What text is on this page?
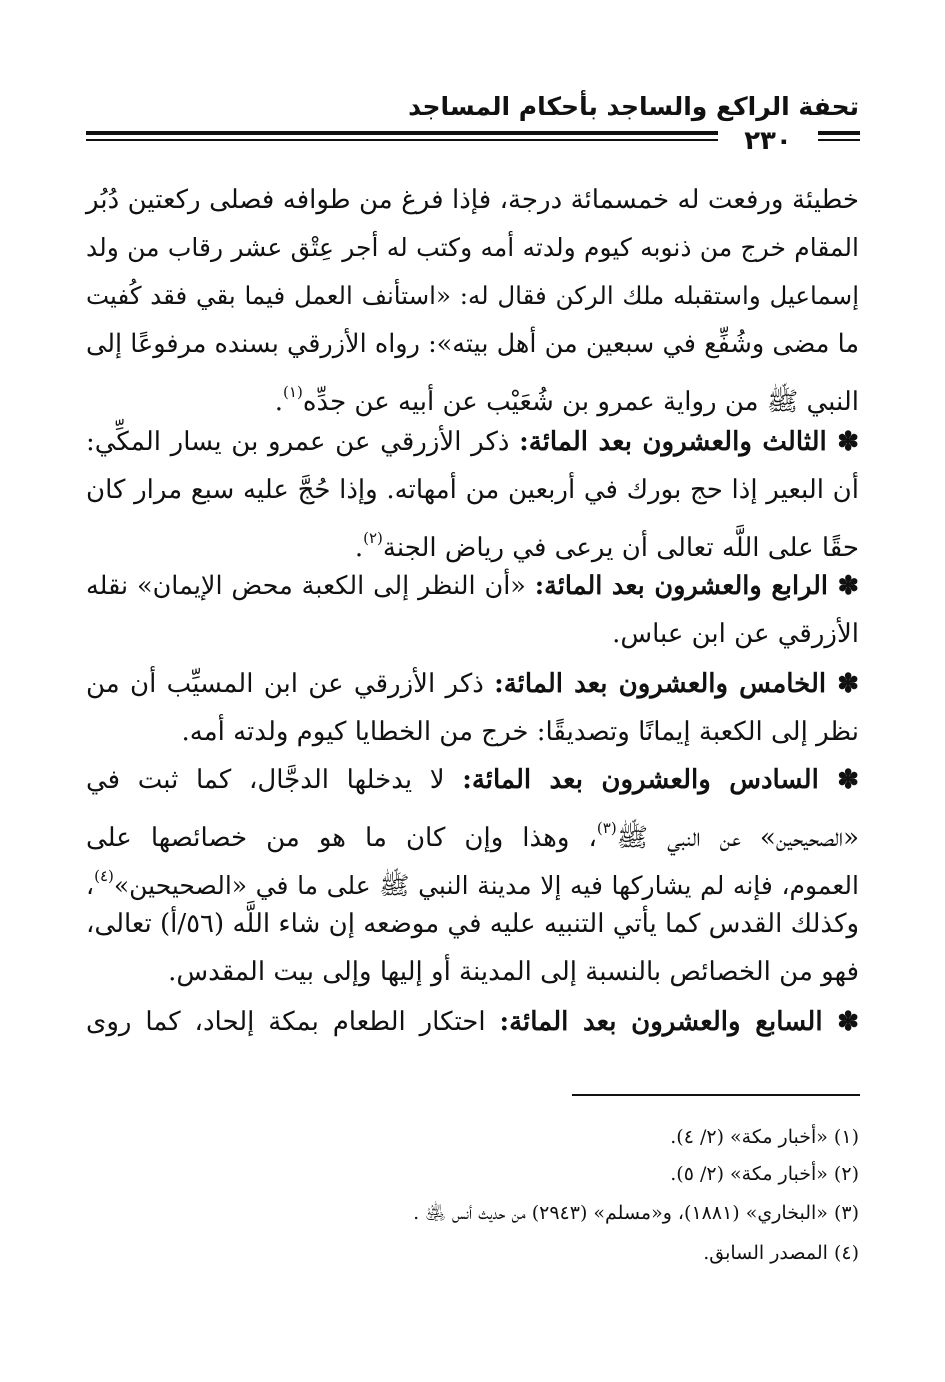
تحفة الراكع والساجد بأحكام المساجد
٢٣٠
خطيئة ورفعت له خمسمائة درجة، فإذا فرغ من طوافه فصلى ركعتين دُبُر
المقام خرج من ذنوبه كيوم ولدته أمه وكتب له أجر عِتْق عشر رقاب من ولد
إسماعيل واستقبله ملك الركن فقال له: «استأنف العمل فيما بقي فقد كُفيت
ما مضى وشُفِّع في سبعين من أهل بيته»: رواه الأزرقي بسنده مرفوعًا إلى
النبي ﷺ من رواية عمرو بن شُعَيْب عن أبيه عن جدِّه$^{(١)}$.
✽ الثالث والعشرون بعد المائة: ذكر الأزرقي عن عمرو بن يسار المكِّي:
أن البعير إذا حج بورك في أربعين من أمهاته. وإذا حُجَّ عليه سبع مرار كان
حقًا على اللَّه تعالى أن يرعى في رياض الجنة$^{(٢)}$.
✽ الرابع والعشرون بعد المائة: «أن النظر إلى الكعبة محض الإيمان» نقله
الأزرقي عن ابن عباس.
✽ الخامس والعشرون بعد المائة: ذكر الأزرقي عن ابن المسيِّب أن من
نظر إلى الكعبة إيمانًا وتصديقًا: خرج من الخطايا كيوم ولدته أمه.
✽ السادس والعشرون بعد المائة: لا يدخلها الدجَّال، كما ثبت في
«الصحيحين» عن النبي ﷺ$^{(٣)}$، وهذا وإن كان ما هو من خصائصها على
العموم، فإنه لم يشاركها فيه إلا مدينة النبي ﷺ على ما في «الصحيحين»$^{(٤)}$،
وكذلك القدس كما يأتي التنبيه عليه في موضعه إن شاء اللَّه (٥٦/أ) تعالى،
فهو من الخصائص بالنسبة إلى المدينة أو إليها وإلى بيت المقدس.
✽ السابع والعشرون بعد المائة: احتكار الطعام بمكة إلحاد، كما روى
(١) «أخبار مكة» (٢/ ٤).
(٢) «أخبار مكة» (٢/ ٥).
(٣) «البخاري» (١٨٨١)، و«مسلم» (٢٩٤٣) من حديث أنس ﵁ .
(٤) المصدر السابق.
